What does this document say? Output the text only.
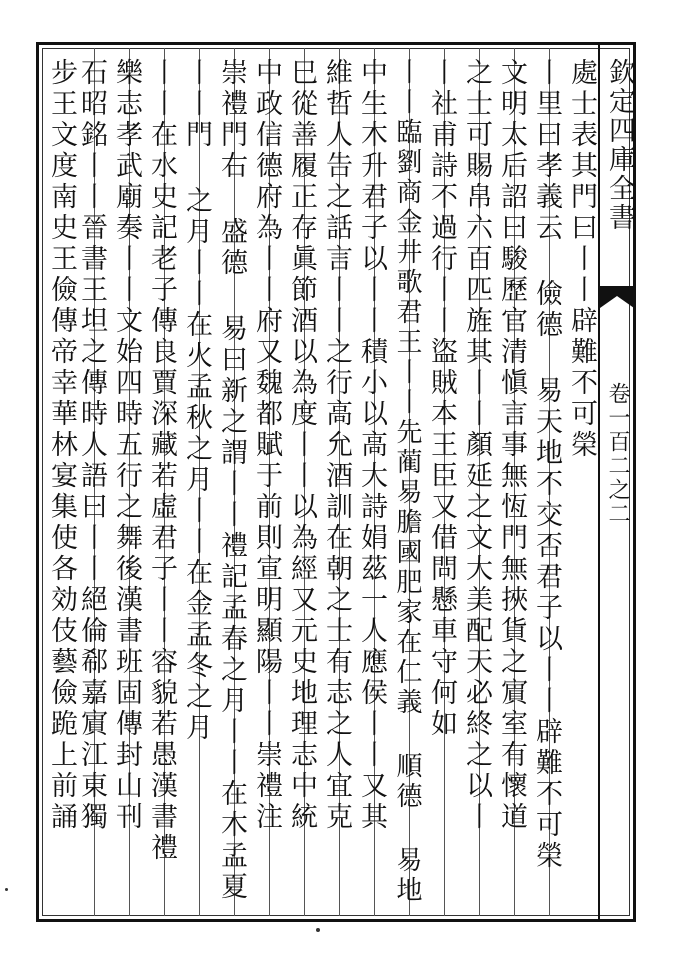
欽定四庫全書
卷一百二之二
處士表其門曰丨丨辟難不可榮
丨里曰孝義云 儉德 易天地不交否君子以丨丨辟難不可榮
文明太后詔曰駿歷官清愼言事無恆門無挾貨之賔室有懷道
之士可賜帛六百匹旌其丨丨顏延之文大美配天必終之以丨
丨社甫詩不過行丨丨盜賊本王臣又借問懸車守何如
丨丨臨劉商金井歌君王丨丨先蔺易膽國肥家在仁義 順德 易地
中生木升君子以丨丨積小以高大詩娟茲一人應侯丨丨又其
維哲人告之話言丨丨之行高允酒訓在朝之士有志之人宜克
巳從善履正存眞節酒以為度丨丨以為經又元史地理志中統
中政信德府為丨丨府又魏都賦于前則宣明顯陽丨丨崇禮注
崇禮門右 盛德 易曰新之謂丨丨禮記孟春之月丨丨在木孟夏
丨丨門 之月丨丨在火孟秋之月丨丨在金孟冬之月
丨丨在水史記老子傳良賈深藏若虛君子丨丨容貌若愚漢書禮
樂志孝武廟奏丨丨文始四時五行之舞後漢書班固傳封山刊
石昭銘丨丨晉書王坦之傳時人語曰丨丨絕倫郗嘉賔江東獨
步王文度南史王儉傳帝幸華林宴集使各効伎藝儉跪上前誦
